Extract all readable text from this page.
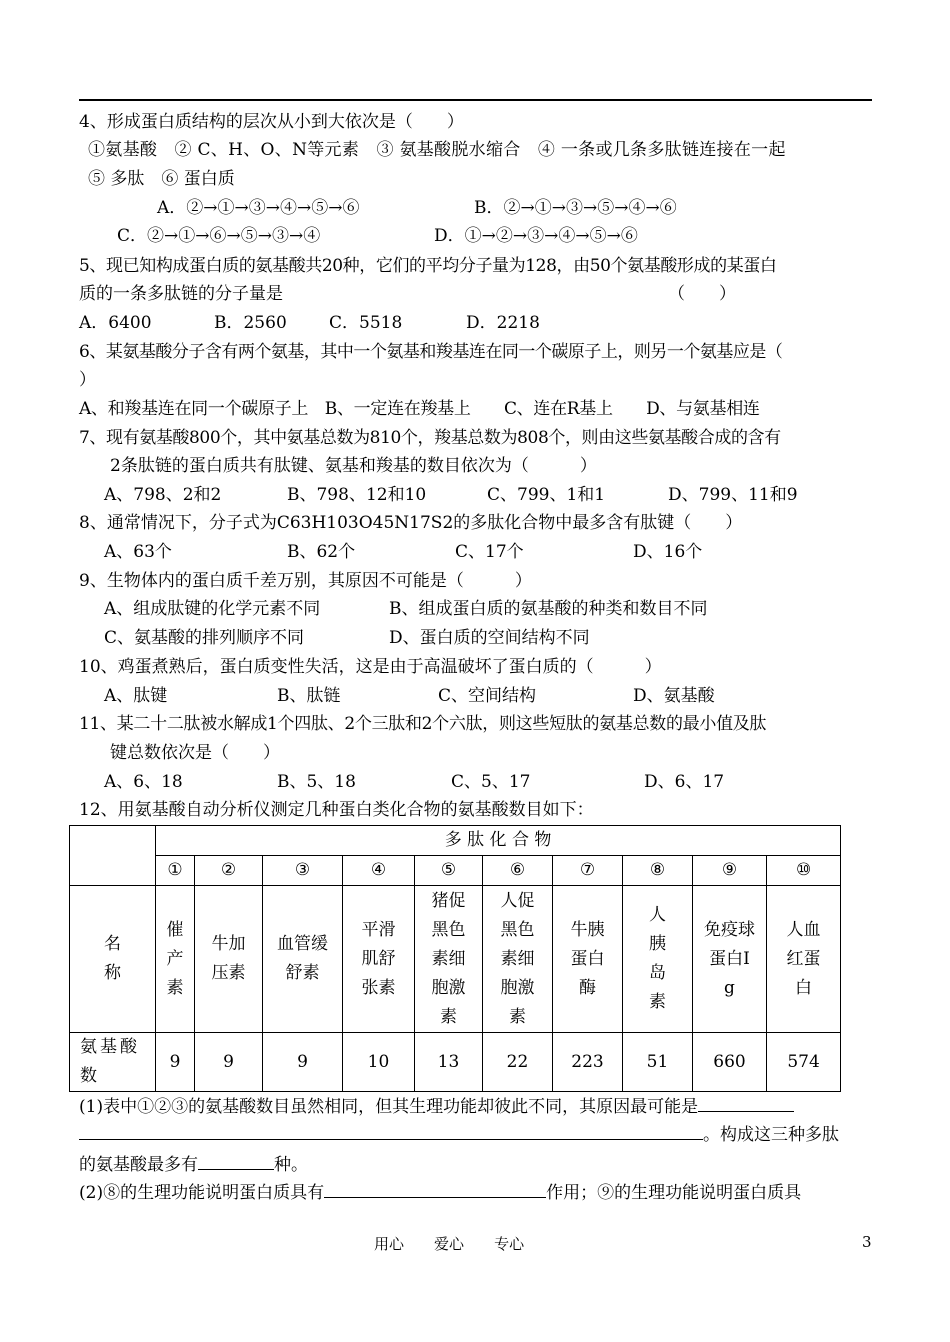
4、形成蛋白质结构的层次从小到大依次是（　　）
①氨基酸　② C、H、O、N等元素　③ 氨基酸脱水缩合　④ 一条或几条多肽链连接在一起
⑤ 多肽　⑥ 蛋白质
A．②→①→③→④→⑤→⑥	B．②→①→③→⑤→④→⑥
C．②→①→⑥→⑤→③→④	D．①→②→③→④→⑤→⑥
5、现已知构成蛋白质的氨基酸共20种，它们的平均分子量为128，由50个氨基酸形成的某蛋白
质的一条多肽链的分子量是	（　　）
A．6400	B．2560 C．5518	D．2218
6、某氨基酸分子含有两个氨基，其中一个氨基和羧基连在同一个碳原子上，则另一个氨基应是（
）
A、和羧基连在同一个碳原子上　B、一定连在羧基上　　C、连在R基上　　D、与氨基相连
7、现有氨基酸800个，其中氨基总数为810个，羧基总数为808个，则由这些氨基酸合成的含有
2条肽链的蛋白质共有肽键、氨基和羧基的数目依次为（　　　）
A、798、2和2	B、798、12和10	C、799、1和1	D、799、11和9
8、通常情况下，分子式为C63H103O45N17S2的多肽化合物中最多含有肽键（　　）
A、63个	B、62个	C、17个	D、16个
9、生物体内的蛋白质千差万别，其原因不可能是（　　　）
A、组成肽键的化学元素不同	B、组成蛋白质的氨基酸的种类和数目不同
C、氨基酸的排列顺序不同	D、蛋白质的空间结构不同
10、鸡蛋煮熟后，蛋白质变性失活，这是由于高温破坏了蛋白质的（　　　）
A、肽键	B、肽链	C、空间结构	D、氨基酸
11、某二十二肽被水解成1个四肽、2个三肽和2个六肽，则这些短肽的氨基总数的最小值及肽
键总数依次是（　　）
A、6、18	B、5、18	C、5、17	D、6、17
12、用氨基酸自动分析仪测定几种蛋白类化合物的氨基酸数目如下：
	多 肽 化 合 物									
	①	②	③	④	⑤	⑥	⑦	⑧	⑨	⑩
名称	催产素	牛加压素	血管缓舒素	平滑肌舒张素	猪促黑色素细胞激素	人促黑色素细胞激素	牛胰蛋白酶	人胰岛素	免疫球蛋白Ig	人血红蛋白
氨基酸数	9	9	9	10	13	22	223	51	660	574
(1)表中①②③的氨基酸数目虽然相同，但其生理功能却彼此不同，其原因最可能是
。构成这三种多肽
的氨基酸最多有	种。
(2)⑧的生理功能说明蛋白质具有	作用；⑨的生理功能说明蛋白质具
用心　　 爱心　　 专心	3
